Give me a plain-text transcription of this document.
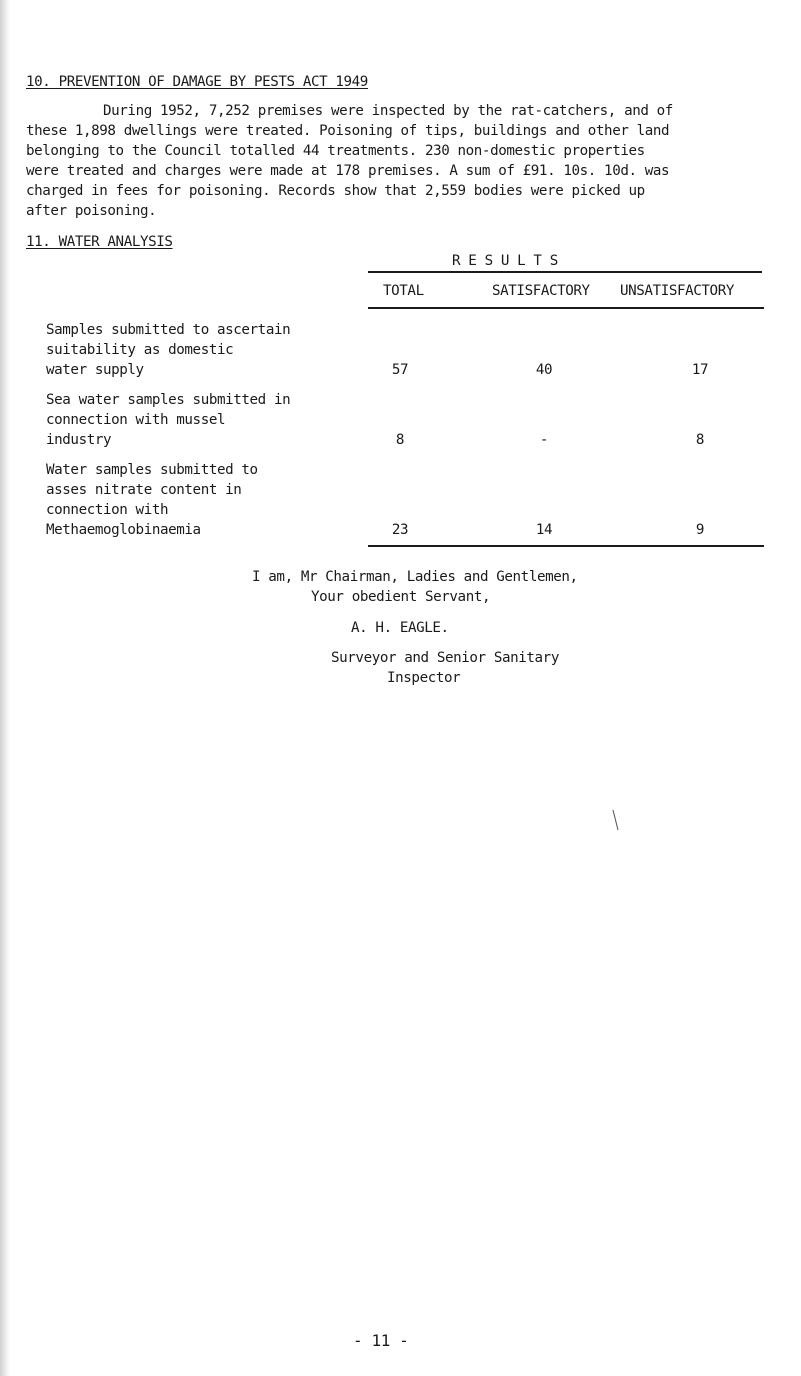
10. PREVENTION OF DAMAGE BY PESTS ACT 1949
During 1952, 7,252 premises were inspected by the rat-catchers, and of
these 1,898 dwellings were treated. Poisoning of tips, buildings and other land
belonging to the Council totalled 44 treatments. 230 non-domestic properties
were treated and charges were made at 178 premises. A sum of £91. 10s. 10d. was
charged in fees for poisoning. Records show that 2,559 bodies were picked up
after poisoning.
11. WATER ANALYSIS
R E S U L T S
TOTAL	SATISFACTORY UNSATISFACTORY
Samples submitted to ascertain
suitability as domestic
water supply	57	40	17
Sea water samples submitted in
connection with mussel
industry	8	-	8
Water samples submitted to
asses nitrate content in
connection with
Methaemoglobinaemia	23	14	9
I am, Mr Chairman, Ladies and Gentlemen,
Your obedient Servant,
A. H. EAGLE.
Surveyor and Senior Sanitary
Inspector
- 11 -
